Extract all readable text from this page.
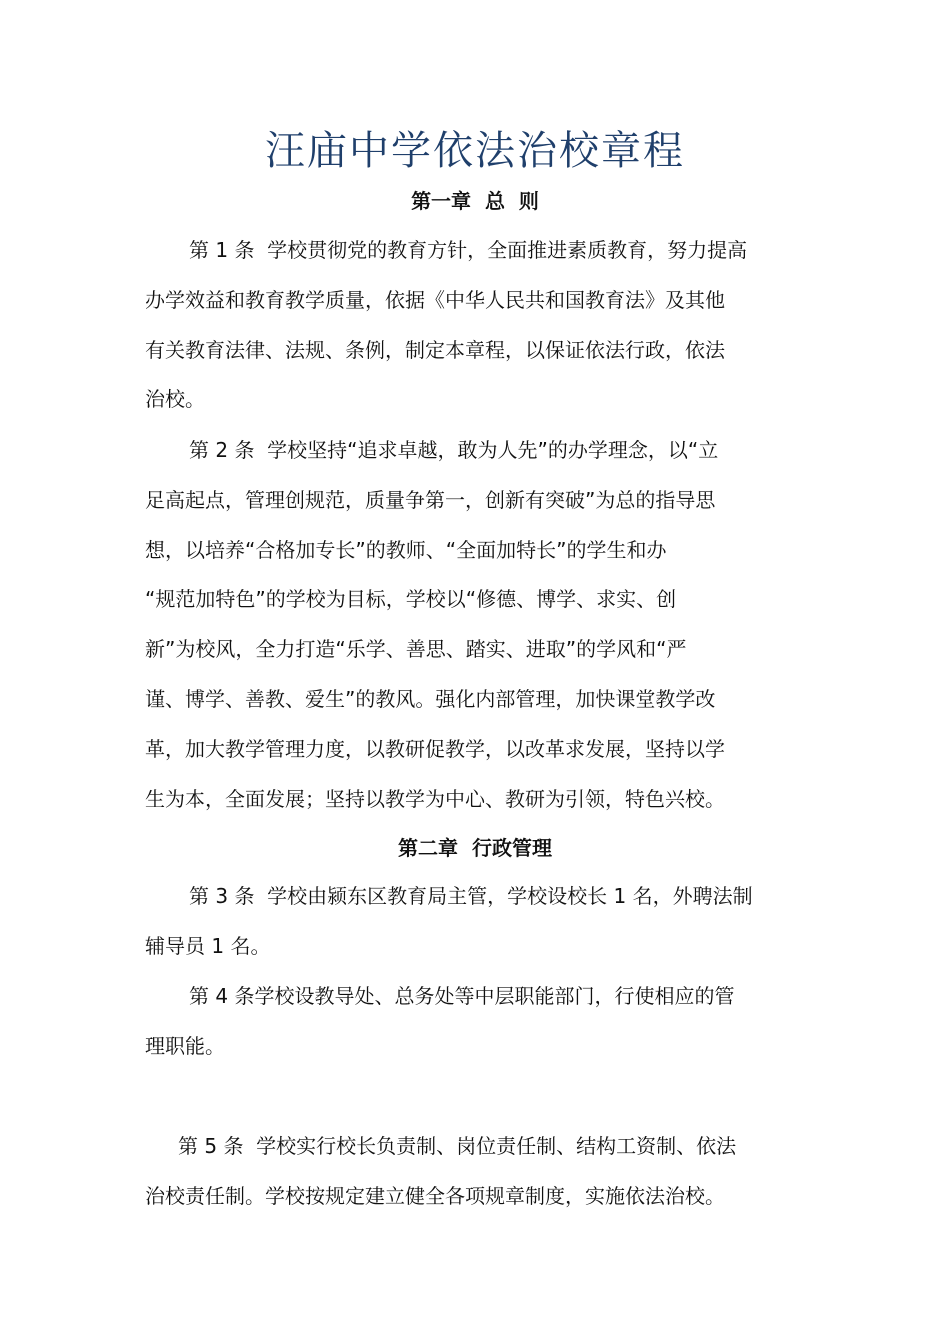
汪庙中学依法治校章程
第一章  总  则
第 1 条  学校贯彻党的教育方针，全面推进素质教育，努力提高
办学效益和教育教学质量，依据《中华人民共和国教育法》及其他
有关教育法律、法规、条例，制定本章程，以保证依法行政，依法
治校。
第 2 条  学校坚持“追求卓越，敢为人先”的办学理念，以“立
足高起点，管理创规范，质量争第一，创新有突破”为总的指导思
想，以培养“合格加专长”的教师、“全面加特长”的学生和办
“规范加特色”的学校为目标，学校以“修德、博学、求实、创
新”为校风，全力打造“乐学、善思、踏实、进取”的学风和“严
谨、博学、善教、爱生”的教风。强化内部管理，加快课堂教学改
革，加大教学管理力度，以教研促教学，以改革求发展，坚持以学
生为本，全面发展；坚持以教学为中心、教研为引领，特色兴校。
第二章  行政管理
第 3 条  学校由颍东区教育局主管，学校设校长 1 名，外聘法制
辅导员 1 名。
第 4 条学校设教导处、总务处等中层职能部门，行使相应的管
理职能。
第 5 条  学校实行校长负责制、岗位责任制、结构工资制、依法
治校责任制。学校按规定建立健全各项规章制度，实施依法治校。
